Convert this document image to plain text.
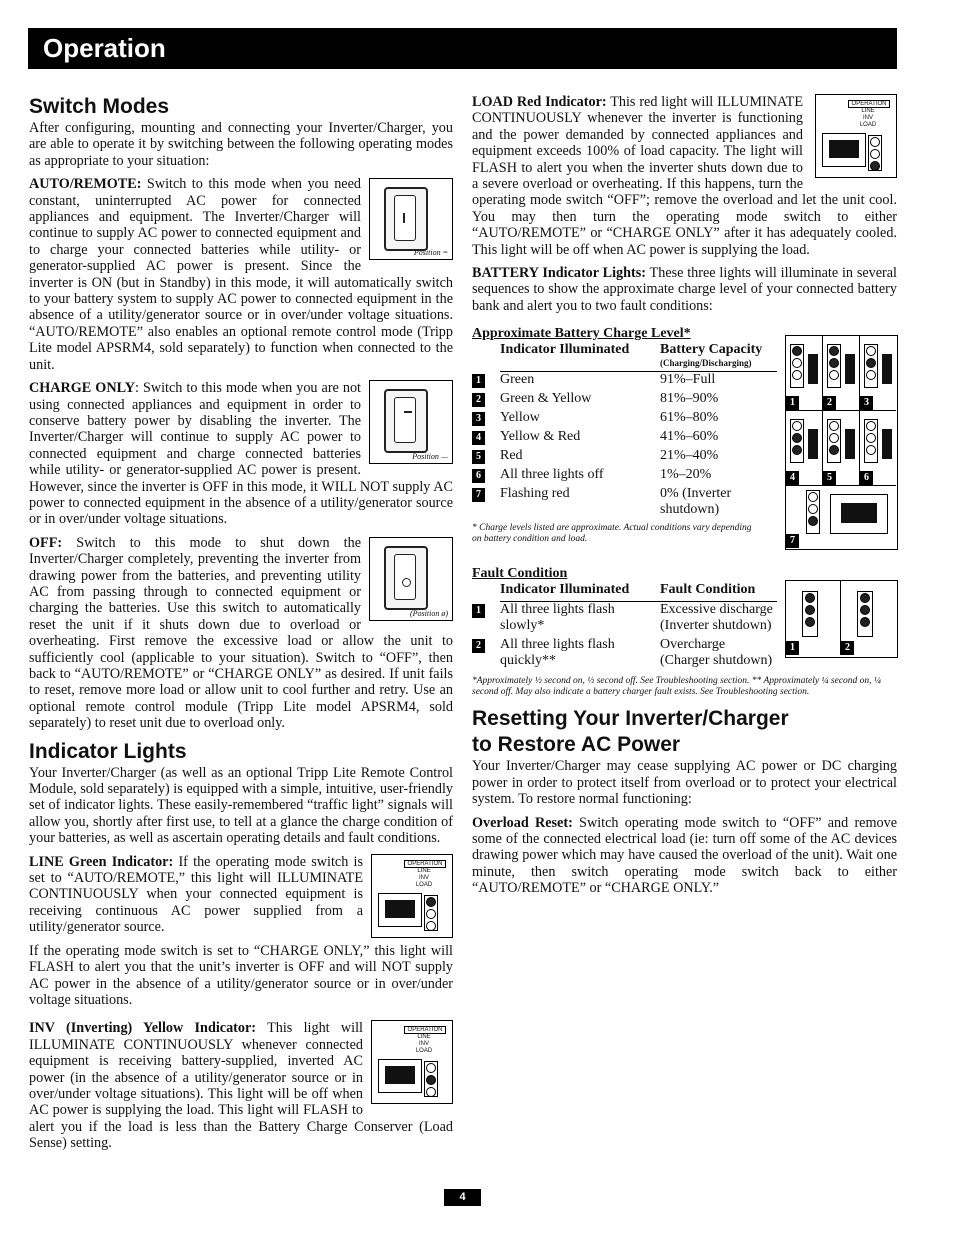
Operation
Switch Modes

After configuring, mounting and connecting your Inverter/Charger, you are able to operate it by switching between the following operating modes as appropriate to your situation:

Position =

AUTO/REMOTE: Switch to this mode when you need constant, uninterrupted AC power for connected appliances and equipment. The Inverter/Charger will continue to supply AC power to connected equipment and to charge your connected batteries while utility- or generator-supplied AC power is present. Since the inverter is ON (but in Standby) in this mode, it will automatically switch to your battery system to supply AC power to connected equipment in the absence of a utility/generator source or in over/under voltage situations. “AUTO/REMOTE” also enables an optional remote control mode (Tripp Lite model APSRM4, sold separately) to function when connected to the unit.

Position —

CHARGE ONLY: Switch to this mode when you are not using connected appliances and equipment in order to conserve battery power by disabling the inverter. The Inverter/Charger will continue to supply AC power to connected equipment and charge connected batteries while utility- or generator-supplied AC power is present. However, since the inverter is OFF in this mode, it WILL NOT supply AC power to connected equipment in the absence of a utility/generator source or in over/under voltage situations.

(Position ø)

OFF: Switch to this mode to shut down the Inverter/Charger completely, preventing the inverter from drawing power from the batteries, and preventing utility AC from passing through to connected equipment or charging the batteries. Use this switch to automatically reset the unit if it shuts down due to overload or overheating. First remove the excessive load or allow the unit to sufficiently cool (applicable to your situation). Switch to “OFF”, then back to “AUTO/REMOTE” or “CHARGE ONLY” as desired. If unit fails to reset, remove more load or allow unit to cool further and retry. Use an optional remote control module (Tripp Lite model APSRM4, sold separately) to reset unit due to overload only.

Indicator Lights

Your Inverter/Charger (as well as an optional Tripp Lite Remote Control Module, sold separately) is equipped with a simple, intuitive, user-friendly set of indicator lights. These easily-remembered “traffic light” signals will allow you, shortly after first use, to tell at a glance the charge condition of your batteries, as well as ascertain operating details and fault conditions.

OPERATION
LINE
INV
LOAD

LINE Green Indicator: If the operating mode switch is set to “AUTO/REMOTE,” this light will ILLUMINATE CONTINUOUSLY when your connected equipment is receiving continuous AC power supplied from a utility/generator source.

If the operating mode switch is set to “CHARGE ONLY,” this light will FLASH to alert you that the unit’s inverter is OFF and will NOT supply AC power in the absence of a utility/generator source or in over/under voltage situations.

OPERATION
LINE
INV
LOAD

INV (Inverting) Yellow Indicator: This light will ILLUMINATE CONTINUOUSLY whenever connected equipment is receiving battery-supplied, inverted AC power (in the absence of a utility/generator source or in over/under voltage situations). This light will be off when AC power is supplying the load. This light will FLASH to alert you if the load is less than the Battery Charge Conserver (Load Sense) setting.

OPERATION
LINE
INV
LOAD

LOAD Red Indicator: This red light will ILLUMINATE CONTINUOUSLY whenever the inverter is functioning and the power demanded by connected appliances and equipment exceeds 100% of load capacity. The light will FLASH to alert you when the inverter shuts down due to a severe overload or overheating. If this happens, turn the operating mode switch “OFF”; remove the overload and let the unit cool. You may then turn the operating mode switch to either “AUTO/REMOTE” or “CHARGE ONLY” after it has adequately cooled. This light will be off when AC power is supplying the load.

BATTERY Indicator Lights: These three lights will illuminate in several sequences to show the approximate charge level of your connected battery bank and alert you to two fault conditions:

Approximate Battery Charge Level*
	Indicator Illuminated	Battery Capacity
(Charging/Discharging)

1	Green	91%–Full
2	Green & Yellow	81%–90%
3	Yellow	61%–80%
4	Yellow & Red	41%–60%
5	Red	21%–40%
6	All three lights off	1%–20%
7	Flashing red	0% (Inverter shutdown)
* Charge levels listed are approximate. Actual conditions vary depending on battery condition and load.
1	2	3
4	5	6
7
Fault Condition
	Indicator Illuminated	Fault Condition
1	All three lights flash slowly*	Excessive discharge (Inverter shutdown)
2	All three lights flash quickly**	Overcharge (Charger shutdown)
1	2
*Approximately ½ second on, ½ second off. See Troubleshooting section. ** Approximately ¼ second on, ¼ second off. May also indicate a battery charger fault exists. See Troubleshooting section.
Resetting Your Inverter/Charger
to Restore AC Power

Your Inverter/Charger may cease supplying AC power or DC charging power in order to protect itself from overload or to protect your electrical system. To restore normal functioning:

Overload Reset: Switch operating mode switch to “OFF” and remove some of the connected electrical load (ie: turn off some of the AC devices drawing power which may have caused the overload of the unit). Wait one minute, then switch operating mode switch back to either “AUTO/REMOTE” or “CHARGE ONLY.”

4
